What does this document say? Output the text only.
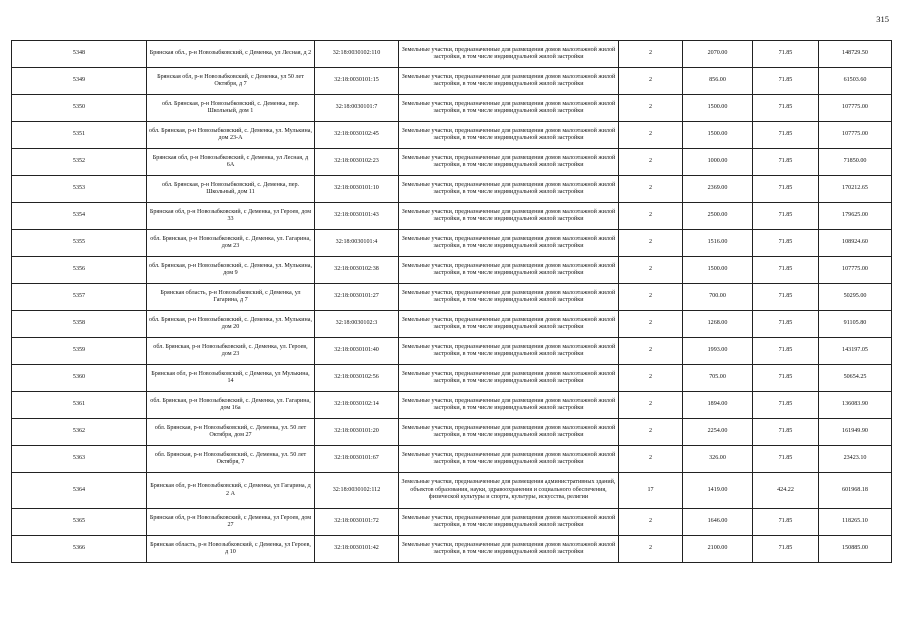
315
5348	Брянская обл., р-н Новозыбковский, с Деменка, ул Лесная, д 2	32:18:0030102:110	Земельные участки, предназначенные для размещения домов малоэтажной жилой застройки, в том числе индивидуальной жилой застройки	2	2070.00	71.85	148729.50
5349	Брянская обл, р-н Новозыбковский, с Деменка, ул 50 лет Октября, д 7	32:18:0030101:15	Земельные участки, предназначенные для размещения домов малоэтажной жилой застройки, в том числе индивидуальной жилой застройки	2	856.00	71.85	61503.60
5350	обл. Брянская, р-н Новозыбковский, с. Деменка, пер. Школьный, дом 1	32:18:0030101:7	Земельные участки, предназначенные для размещения домов малоэтажной жилой застройки, в том числе индивидуальной жилой застройки	2	1500.00	71.85	107775.00
5351	обл. Брянская, р-н Новозыбковский, с. Деменка, ул. Мулькина, дом 23-А	32:18:0030102:45	Земельные участки, предназначенные для размещения домов малоэтажной жилой застройки, в том числе индивидуальной жилой застройки	2	1500.00	71.85	107775.00
5352	Брянская обл, р-н Новозыбковский, с Деменка, ул Лесная, д 6А	32:18:0030102:23	Земельные участки, предназначенные для размещения домов малоэтажной жилой застройки, в том числе индивидуальной жилой застройки	2	1000.00	71.85	71850.00
5353	обл. Брянская, р-н Новозыбковский, с. Деменка, пер. Школьный, дом 11	32:18:0030101:10	Земельные участки, предназначенные для размещения домов малоэтажной жилой застройки, в том числе индивидуальной жилой застройки	2	2369.00	71.85	170212.65
5354	Брянская обл, р-н Новозыбковский, с Деменка, ул Героев, дом 33	32:18:0030101:43	Земельные участки, предназначенные для размещения домов малоэтажной жилой застройки, в том числе индивидуальной жилой застройки	2	2500.00	71.85	179625.00
5355	обл. Брянская, р-н Новозыбковский, с. Деменка, ул. Гагарина, дом 23	32:18:0030101:4	Земельные участки, предназначенные для размещения домов малоэтажной жилой застройки, в том числе индивидуальной жилой застройки	2	1516.00	71.85	108924.60
5356	обл. Брянская, р-н Новозыбковский, с. Деменка, ул. Мулькина, дом 9	32:18:0030102:38	Земельные участки, предназначенные для размещения домов малоэтажной жилой застройки, в том числе индивидуальной жилой застройки	2	1500.00	71.85	107775.00
5357	Брянская область, р-н Новозыбковский, с Деменка, ул Гагарина, д 7	32:18:0030101:27	Земельные участки, предназначенные для размещения домов малоэтажной жилой застройки, в том числе индивидуальной жилой застройки	2	700.00	71.85	50295.00
5358	обл. Брянская, р-н Новозыбковский, с. Деменка, ул. Мулькина, дом 20	32:18:0030102:3	Земельные участки, предназначенные для размещения домов малоэтажной жилой застройки, в том числе индивидуальной жилой застройки	2	1268.00	71.85	91105.80
5359	обл. Брянская, р-н Новозыбковский, с. Деменка, ул. Героев, дом 23	32:18:0030101:40	Земельные участки, предназначенные для размещения домов малоэтажной жилой застройки, в том числе индивидуальной жилой застройки	2	1993.00	71.85	143197.05
5360	Брянская обл, р-н Новозыбковский, с Деменка, ул Мулькина, 14	32:18:0030102:56	Земельные участки, предназначенные для размещения домов малоэтажной жилой застройки, в том числе индивидуальной жилой застройки	2	705.00	71.85	50654.25
5361	обл. Брянская, р-н Новозыбковский, с. Деменка, ул. Гагарина, дом 16а	32:18:0030102:14	Земельные участки, предназначенные для размещения домов малоэтажной жилой застройки, в том числе индивидуальной жилой застройки	2	1894.00	71.85	136083.90
5362	обл. Брянская, р-н Новозыбковский, с. Деменка, ул. 50 лет Октября, дом 27	32:18:0030101:20	Земельные участки, предназначенные для размещения домов малоэтажной жилой застройки, в том числе индивидуальной жилой застройки	2	2254.00	71.85	161949.90
5363	обл. Брянская, р-н Новозыбковский, с. Деменка, ул. 50 лет Октября, 7	32:18:0030101:67	Земельные участки, предназначенные для размещения домов малоэтажной жилой застройки, в том числе индивидуальной жилой застройки	2	326.00	71.85	23423.10
5364	Брянская обл, р-н Новозыбковский, с Деменка, ул Гагарина, д 2 А	32:18:0030102:112	Земельные участки, предназначенные для размещения административных зданий, объектов образования, науки, здравоохранения и социального обеспечения, физической культуры и спорта, культуры, искусства, религии	17	1419.00	424.22	601968.18
5365	Брянская обл, р-н Новозыбковский, с Деменка, ул Героев, дом 27	32:18:0030101:72	Земельные участки, предназначенные для размещения домов малоэтажной жилой застройки, в том числе индивидуальной жилой застройки	2	1646.00	71.85	118265.10
5366	Брянская область, р-н Новозыбковский, с Деменка, ул Героев, д 10	32:18:0030101:42	Земельные участки, предназначенные для размещения домов малоэтажной жилой застройки, в том числе индивидуальной жилой застройки	2	2100.00	71.85	150885.00
